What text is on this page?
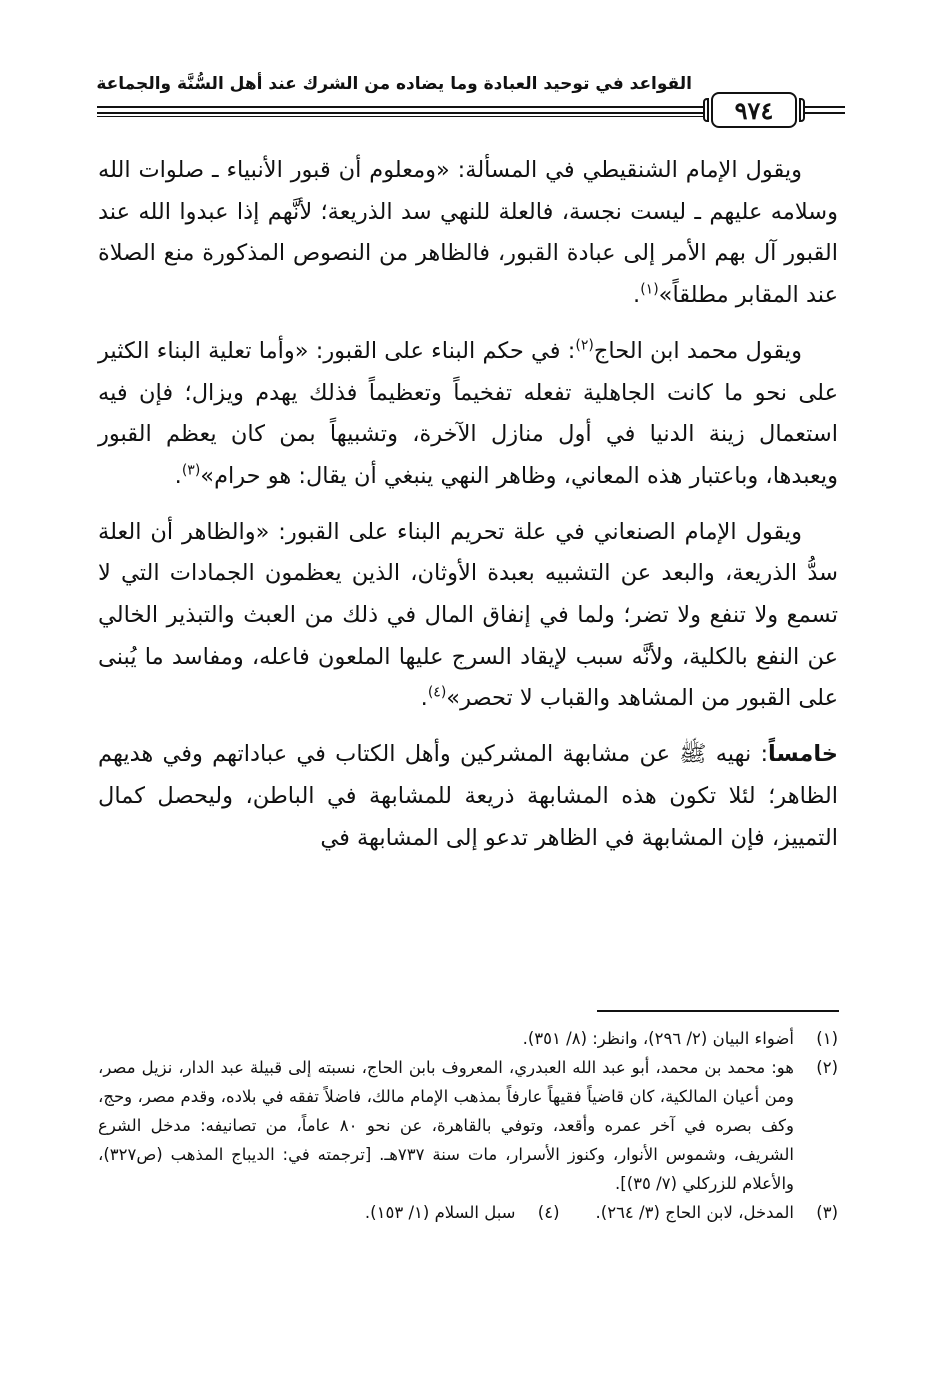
٩٧٤
القواعد في توحيد العبادة وما يضاده من الشرك عند أهل السُّنَّة والجماعة

ويقول الإمام الشنقيطي في المسألة: «ومعلوم أن قبور الأنبياء ـ صلوات الله وسلامه عليهم ـ ليست نجسة، فالعلة للنهي سد الذريعة؛ لأنَّهم إذا عبدوا الله عند القبور آل بهم الأمر إلى عبادة القبور، فالظاهر من النصوص المذكورة منع الصلاة عند المقابر مطلقاً»$^{(١)}$.

ويقول محمد ابن الحاج$^{(٢)}$: في حكم البناء على القبور: «وأما تعلية البناء الكثير على نحو ما كانت الجاهلية تفعله تفخيماً وتعظيماً فذلك يهدم ويزال؛ فإن فيه استعمال زينة الدنيا في أول منازل الآخرة، وتشبيهاً بمن كان يعظم القبور ويعبدها، وباعتبار هذه المعاني، وظاهر النهي ينبغي أن يقال: هو حرام»$^{(٣)}$.

ويقول الإمام الصنعاني في علة تحريم البناء على القبور: «والظاهر أن العلة سدُّ الذريعة، والبعد عن التشبيه بعبدة الأوثان، الذين يعظمون الجمادات التي لا تسمع ولا تنفع ولا تضر؛ ولما في إنفاق المال في ذلك من العبث والتبذير الخالي عن النفع بالكلية، ولأنَّه سبب لإيقاد السرج عليها الملعون فاعله، ومفاسد ما يُبنى على القبور من المشاهد والقباب لا تحصر»$^{(٤)}$.

خامساً: نهيه ﷺ عن مشابهة المشركين وأهل الكتاب في عباداتهم وفي هديهم الظاهر؛ لئلا تكون هذه المشابهة ذريعة للمشابهة في الباطن، وليحصل كمال التمييز، فإن المشابهة في الظاهر تدعو إلى المشابهة في

(١)
أضواء البيان (٢/ ٢٩٦)، وانظر: (٨/ ٣٥١).
(٢)
هو: محمد بن محمد، أبو عبد الله العبدري، المعروف بابن الحاج، نسبته إلى قبيلة عبد الدار، نزيل مصر، ومن أعيان المالكية، كان قاضياً فقيهاً عارفاً بمذهب الإمام مالك، فاضلاً تفقه في بلاده، وقدم مصر، وحج، وكف بصره في آخر عمره وأقعد، وتوفي بالقاهرة، عن نحو ٨٠ عاماً، من تصانيفه: مدخل الشرع الشريف، وشموس الأنوار، وكنوز الأسرار، مات سنة ٧٣٧هـ. [ترجمته في: الديباج المذهب (ص٣٢٧)، والأعلام للزركلي (٧/ ٣٥)].
(٣)
المدخل، لابن الحاج (٣/ ٢٦٤).
(٤)
سبل السلام (١/ ١٥٣).
